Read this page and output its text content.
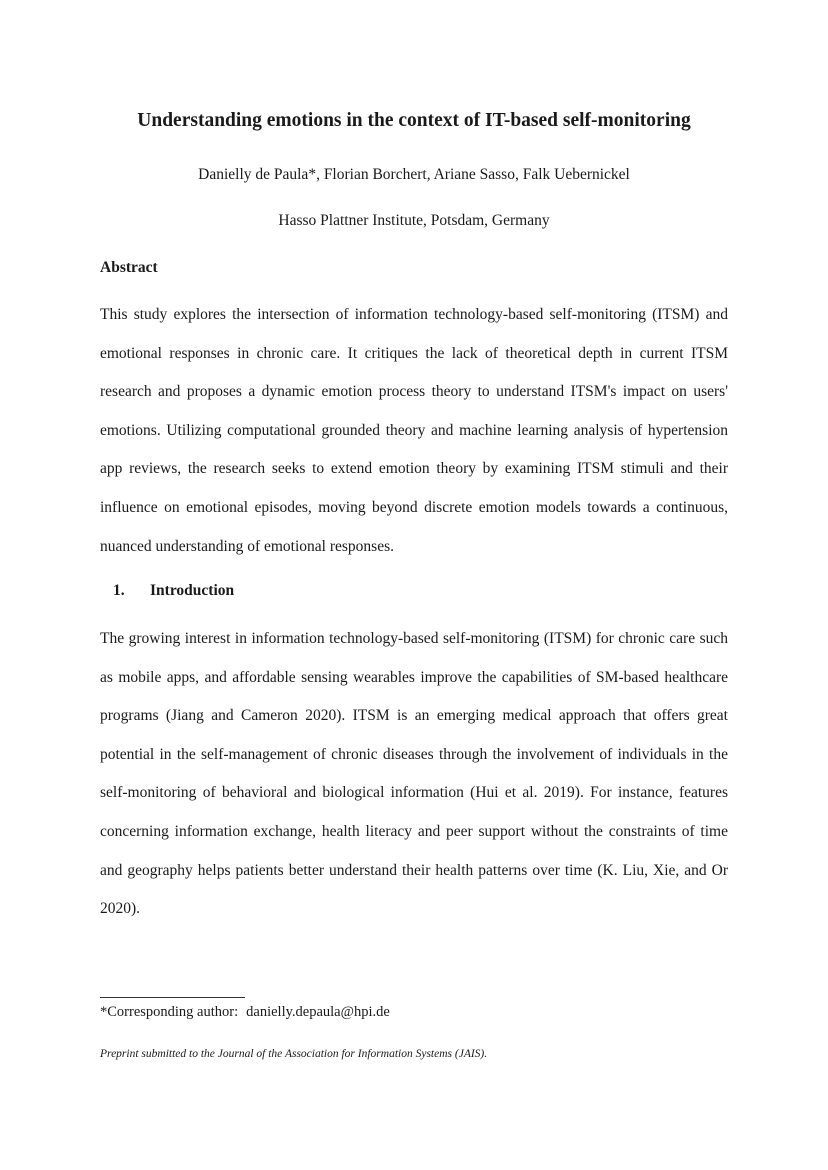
Understanding emotions in the context of IT-based self-monitoring
Danielly de Paula*, Florian Borchert, Ariane Sasso, Falk Uebernickel
Hasso Plattner Institute, Potsdam, Germany
Abstract

This study explores the intersection of information technology-based self-monitoring (ITSM) and emotional responses in chronic care. It critiques the lack of theoretical depth in current ITSM research and proposes a dynamic emotion process theory to understand ITSM's impact on users' emotions. Utilizing computational grounded theory and machine learning analysis of hypertension app reviews, the research seeks to extend emotion theory by examining ITSM stimuli and their influence on emotional episodes, moving beyond discrete emotion models towards a continuous, nuanced understanding of emotional responses.

1. Introduction

The growing interest in information technology-based self-monitoring (ITSM) for chronic care such as mobile apps, and affordable sensing wearables improve the capabilities of SM-based healthcare programs (Jiang and Cameron 2020). ITSM is an emerging medical approach that offers great potential in the self-management of chronic diseases through the involvement of individuals in the self-monitoring of behavioral and biological information (Hui et al. 2019). For instance, features concerning information exchange, health literacy and peer support without the constraints of time and geography helps patients better understand their health patterns over time (K. Liu, Xie, and Or 2020).

*Corresponding author: danielly.depaula@hpi.de
Preprint submitted to the Journal of the Association for Information Systems (JAIS).
